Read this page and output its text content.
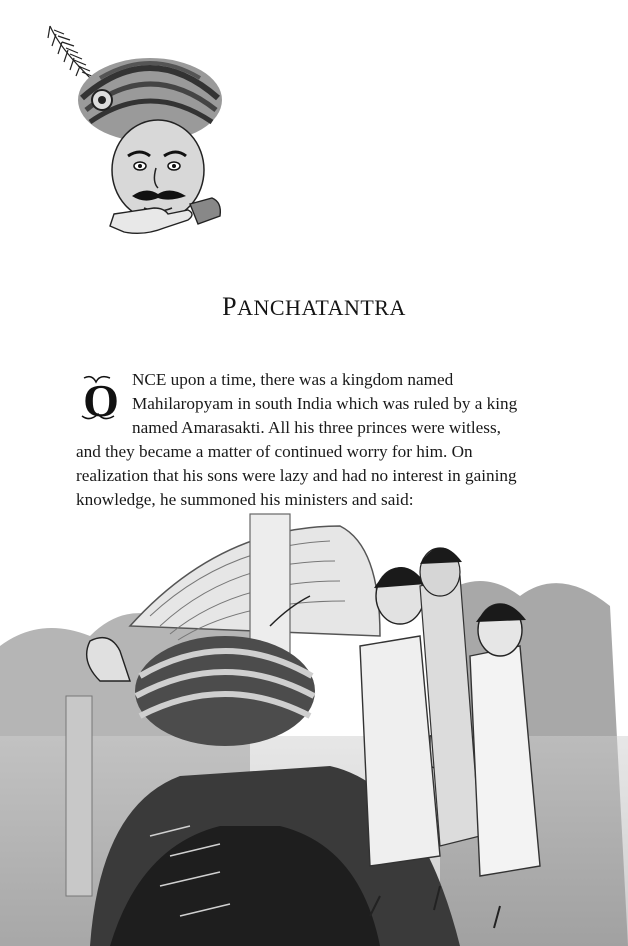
PANCHATANTRA
O NCE upon a time, there was a kingdom named
Mahilaropyam in south India which was ruled by a king
named Amarasakti. All his three princes were witless,
and they became a matter of continued worry for him. On
realization that his sons were lazy and had no interest in gaining
knowledge, he summoned his ministers and said:
